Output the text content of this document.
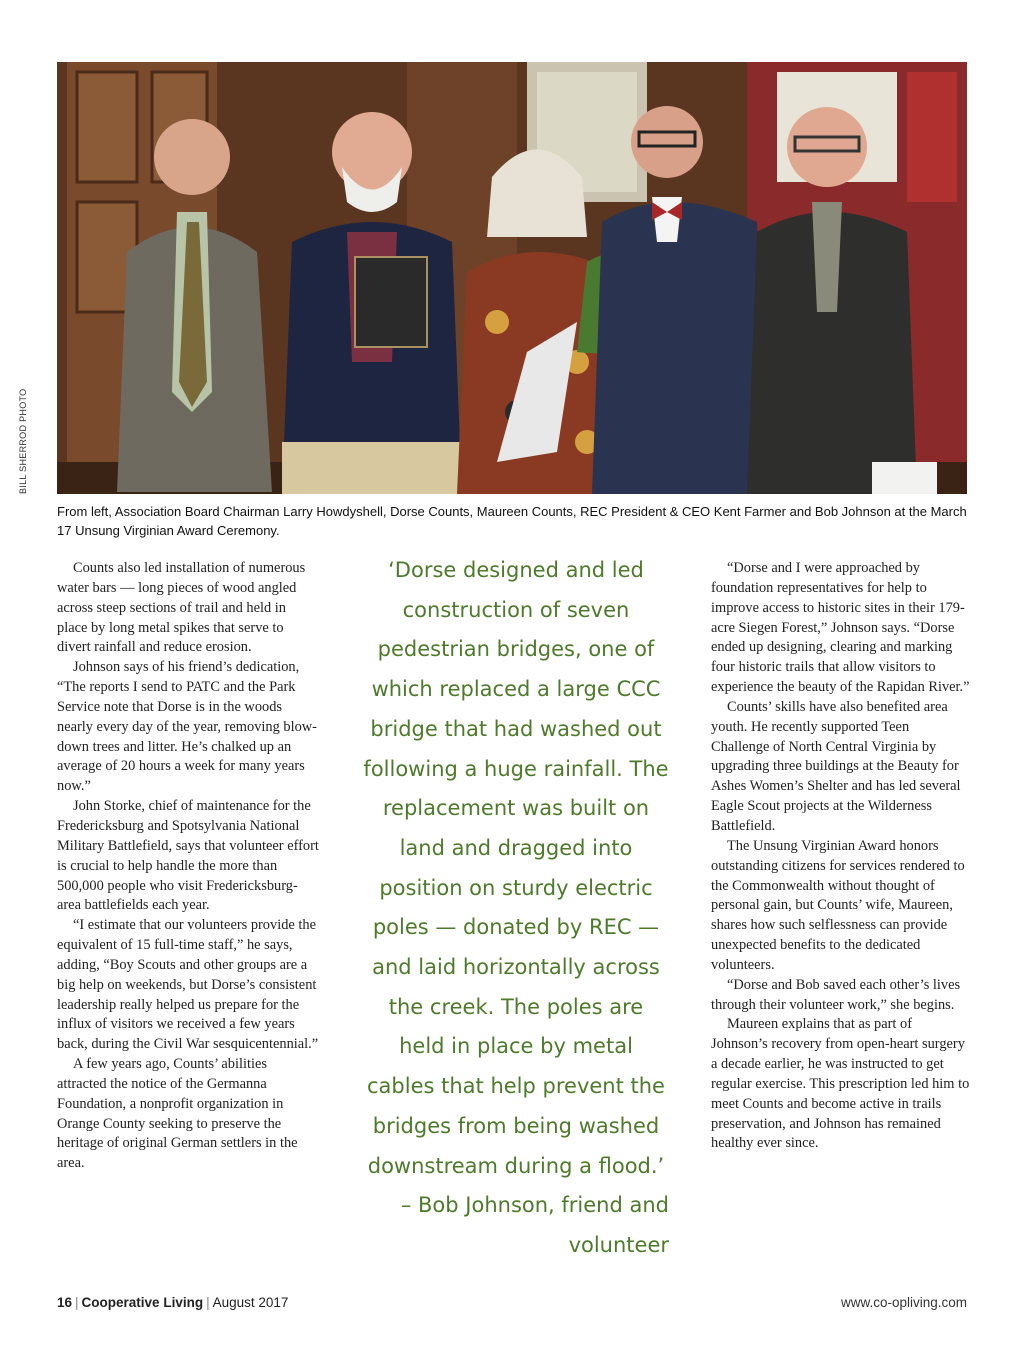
BILL SHERROD PHOTO
From left, Association Board Chairman Larry Howdyshell, Dorse Counts, Maureen Counts, REC President & CEO Kent Farmer and Bob Johnson at the March 17 Unsung Virginian Award Ceremony.

Counts also led installation of numerous water bars — long pieces of wood angled across steep sections of trail and held in place by long metal spikes that serve to divert rainfall and reduce erosion.

Johnson says of his friend’s dedication, “The reports I send to PATC and the Park Service note that Dorse is in the woods nearly every day of the year, removing blow-down trees and litter. He’s chalked up an average of 20 hours a week for many years now.”

John Storke, chief of maintenance for the Fredericksburg and Spotsylvania National Military Battlefield, says that volunteer effort is crucial to help handle the more than 500,000 people who visit Fredericksburg-area battlefields each year.

“I estimate that our volunteers provide the equivalent of 15 full-time staff,” he says, adding, “Boy Scouts and other groups are a big help on weekends, but Dorse’s consistent leadership really helped us prepare for the influx of visitors we received a few years back, during the Civil War sesquicentennial.”

A few years ago, Counts’ abilities attracted the notice of the Germanna Foundation, a nonprofit organization in Orange County seeking to preserve the heritage of original German settlers in the area.

‘Dorse designed and led construction of seven pedestrian bridges, one of which replaced a large CCC bridge that had washed out following a huge rainfall. The replacement was built on land and dragged into position on sturdy electric poles — donated by REC — and laid horizontally across the creek. The poles are held in place by metal cables that help prevent the bridges from being washed downstream during a flood.’
– Bob Johnson, friend and volunteer

“Dorse and I were approached by foundation representatives for help to improve access to historic sites in their 179-acre Siegen Forest,” Johnson says. “Dorse ended up designing, clearing and marking four historic trails that allow visitors to experience the beauty of the Rapidan River.”

Counts’ skills have also benefited area youth. He recently supported Teen Challenge of North Central Virginia by upgrading three buildings at the Beauty for Ashes Women’s Shelter and has led several Eagle Scout projects at the Wilderness Battlefield.

The Unsung Virginian Award honors outstanding citizens for services rendered to the Commonwealth without thought of personal gain, but Counts’ wife, Maureen, shares how such selflessness can provide unexpected benefits to the dedicated volunteers.

“Dorse and Bob saved each other’s lives through their volunteer work,” she begins.

Maureen explains that as part of Johnson’s recovery from open-heart surgery a decade earlier, he was instructed to get regular exercise. This prescription led him to meet Counts and become active in trails preservation, and Johnson has remained healthy ever since.

16 | Cooperative Living | August 2017	www.co-opliving.com
